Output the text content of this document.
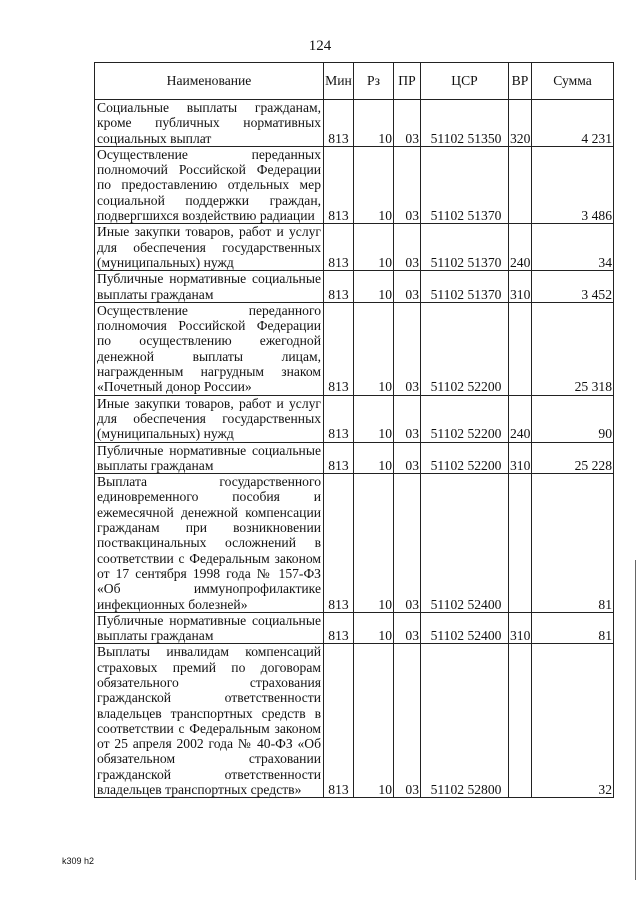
124
Наименование	Мин	Рз	ПР	ЦСР	ВР	Сумма
Социальные выплаты гражданам, кроме публичных нормативных социальных выплат	813	10	03	51102 51350	320	4 231
Осуществление переданных полномочий Российской Федерации по предоставлению отдельных мер социальной поддержки граждан, подвергшихся воздействию радиации	813	10	03	51102 51370		3 486
Иные закупки товаров, работ и услуг для обеспечения государственных (муниципальных) нужд	813	10	03	51102 51370	240	34
Публичные нормативные социальные выплаты гражданам	813	10	03	51102 51370	310	3 452
Осуществление переданного полномочия Российской Федерации по осуществлению ежегодной денежной выплаты лицам, награжденным нагрудным знаком «Почетный донор России»	813	10	03	51102 52200		25 318
Иные закупки товаров, работ и услуг для обеспечения государственных (муниципальных) нужд	813	10	03	51102 52200	240	90
Публичные нормативные социальные выплаты гражданам	813	10	03	51102 52200	310	25 228
Выплата государственного единовременного пособия и ежемесячной денежной компенсации гражданам при возникновении поствакцинальных осложнений в соответствии с Федеральным законом от 17 сентября 1998 года № 157-ФЗ «Об иммунопрофилактике инфекционных болезней»	813	10	03	51102 52400		81
Публичные нормативные социальные выплаты гражданам	813	10	03	51102 52400	310	81
Выплаты инвалидам компенсаций страховых премий по договорам обязательного страхования гражданской ответственности владельцев транспортных средств в соответствии с Федеральным законом от 25 апреля 2002 года № 40-ФЗ «Об обязательном страховании гражданской ответственности владельцев транспортных средств»	813	10	03	51102 52800		32
k309 h2
